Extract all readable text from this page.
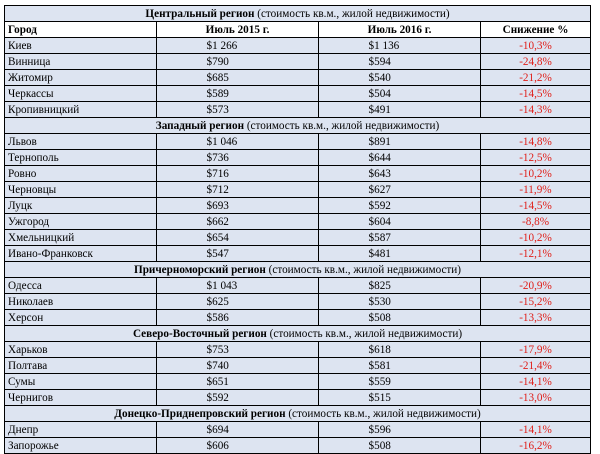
Центральный регион (стоимость кв.м., жилой недвижимости)			
Город	Июль 2015 г.	Июль 2016 г.	Снижение %
Киев	$1 266	$1 136	-10,3%
Винница	$790	$594	-24,8%
Житомир	$685	$540	-21,2%
Черкассы	$589	$504	-14,5%
Кропивницкий	$573	$491	-14,3%
Западный регион (стоимость кв.м., жилой недвижимости)			
Львов	$1 046	$891	-14,8%
Тернополь	$736	$644	-12,5%
Ровно	$716	$643	-10,2%
Черновцы	$712	$627	-11,9%
Луцк	$693	$592	-14,5%
Ужгород	$662	$604	-8,8%
Хмельницкий	$654	$587	-10,2%
Ивано-Франковск	$547	$481	-12,1%
Причерноморский регион (стоимость кв.м., жилой недвижимости)			
Одесса	$1 043	$825	-20,9%
Николаев	$625	$530	-15,2%
Херсон	$586	$508	-13,3%
Северо-Восточный регион (стоимость кв.м., жилой недвижимости)			
Харьков	$753	$618	-17,9%
Полтава	$740	$581	-21,4%
Сумы	$651	$559	-14,1%
Чернигов	$592	$515	-13,0%
Донецко-Приднепровский регион (стоимость кв.м., жилой недвижимости)			
Днепр	$694	$596	-14,1%
Запорожье	$606	$508	-16,2%
